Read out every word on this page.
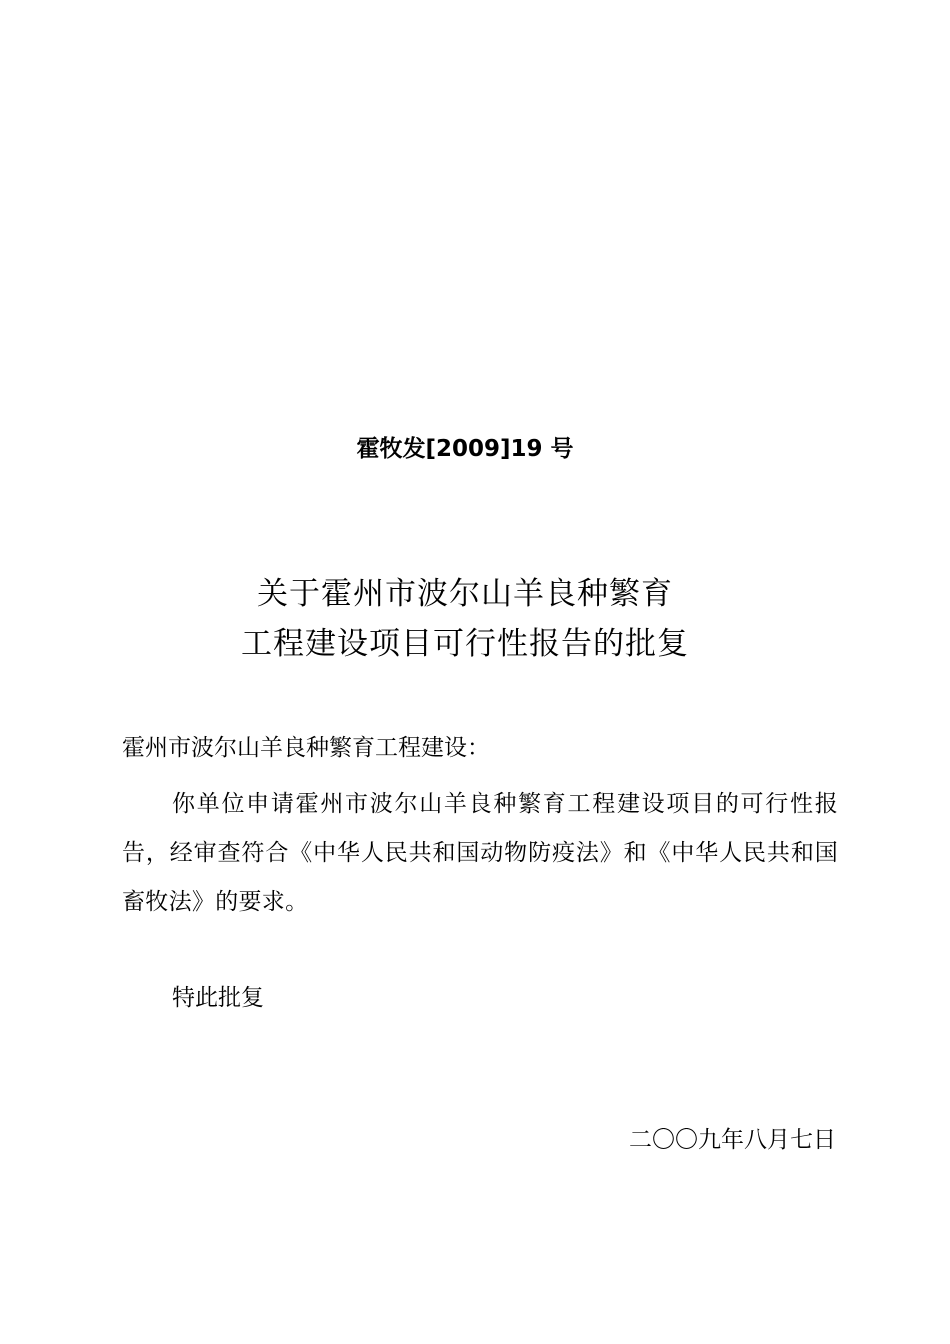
霍牧发[2009]19 号
关于霍州市波尔山羊良种繁育
工程建设项目可行性报告的批复
霍州市波尔山羊良种繁育工程建设：
你单位申请霍州市波尔山羊良种繁育工程建设项目的可行性报告，经审查符合《中华人民共和国动物防疫法》和《中华人民共和国畜牧法》的要求。
特此批复
二〇〇九年八月七日
